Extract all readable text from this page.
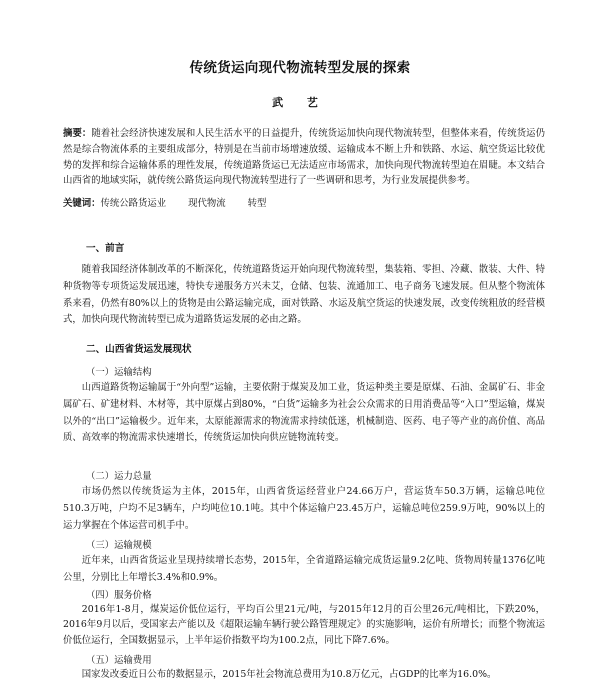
传统货运向现代物流转型发展的探索
武 艺
摘要：随着社会经济快速发展和人民生活水平的日益提升，传统货运加快向现代物流转型，但整体来看，传统货运仍然是综合物流体系的主要组成部分，特别是在当前市场增速放缓、运输成本不断上升和铁路、水运、航空货运比较优势的发挥和综合运输体系的理性发展，传统道路货运已无法适应市场需求，加快向现代物流转型迫在眉睫。本文结合山西省的地域实际，就传统公路货运向现代物流转型进行了一些调研和思考，为行业发展提供参考。
关键词：传统公路货运业 现代物流 转型
一、前言
随着我国经济体制改革的不断深化，传统道路货运开始向现代物流转型，集装箱、零担、冷藏、散装、大件、特种货物等专项货运发展迅速，特快专递服务方兴未艾，仓储、包装、流通加工、电子商务飞速发展。但从整个物流体系来看，仍然有80%以上的货物是由公路运输完成，面对铁路、水运及航空货运的快速发展，改变传统粗放的经营模式，加快向现代物流转型已成为道路货运发展的必由之路。
二、山西省货运发展现状
（一）运输结构
山西道路货物运输属于“外向型”运输，主要依附于煤炭及加工业，货运种类主要是原煤、石油、金属矿石、非金属矿石、矿建材料、木材等，其中原煤占到80%，“白货”运输多为社会公众需求的日用消费品等“入口”型运输，煤炭以外的“出口”运输极少。近年来，太原能源需求的物流需求持续低迷，机械制造、医药、电子等产业的高价值、高品质、高效率的物流需求快速增长，传统货运加快向供应链物流转变。
（二）运力总量
市场仍然以传统货运为主体，2015年，山西省货运经营业户24.66万户，营运货车50.3万辆，运输总吨位510.3万吨，户均不足3辆车，户均吨位10.1吨。其中个体运输户23.45万户，运输总吨位259.9万吨，90%以上的运力掌握在个体运营司机手中。
（三）运输规模
近年来，山西省货运业呈现持续增长态势，2015年，全省道路运输完成货运量9.2亿吨、货物周转量1376亿吨公里，分别比上年增长3.4%和0.9%。
（四）服务价格
2016年1-8月，煤炭运价低位运行，平均百公里21元/吨，与2015年12月的百公里26元/吨相比，下跌20%，2016年9月以后，受国家去产能以及《超限运输车辆行驶公路管理规定》的实施影响，运价有所增长；而整个物流运价低位运行，全国数据显示，上半年运价指数平均为100.2点，同比下降7.6%。
（五）运输费用
国家发改委近日公布的数据显示，2015年社会物流总费用为10.8万亿元，占GDP的比率为16.0%。
